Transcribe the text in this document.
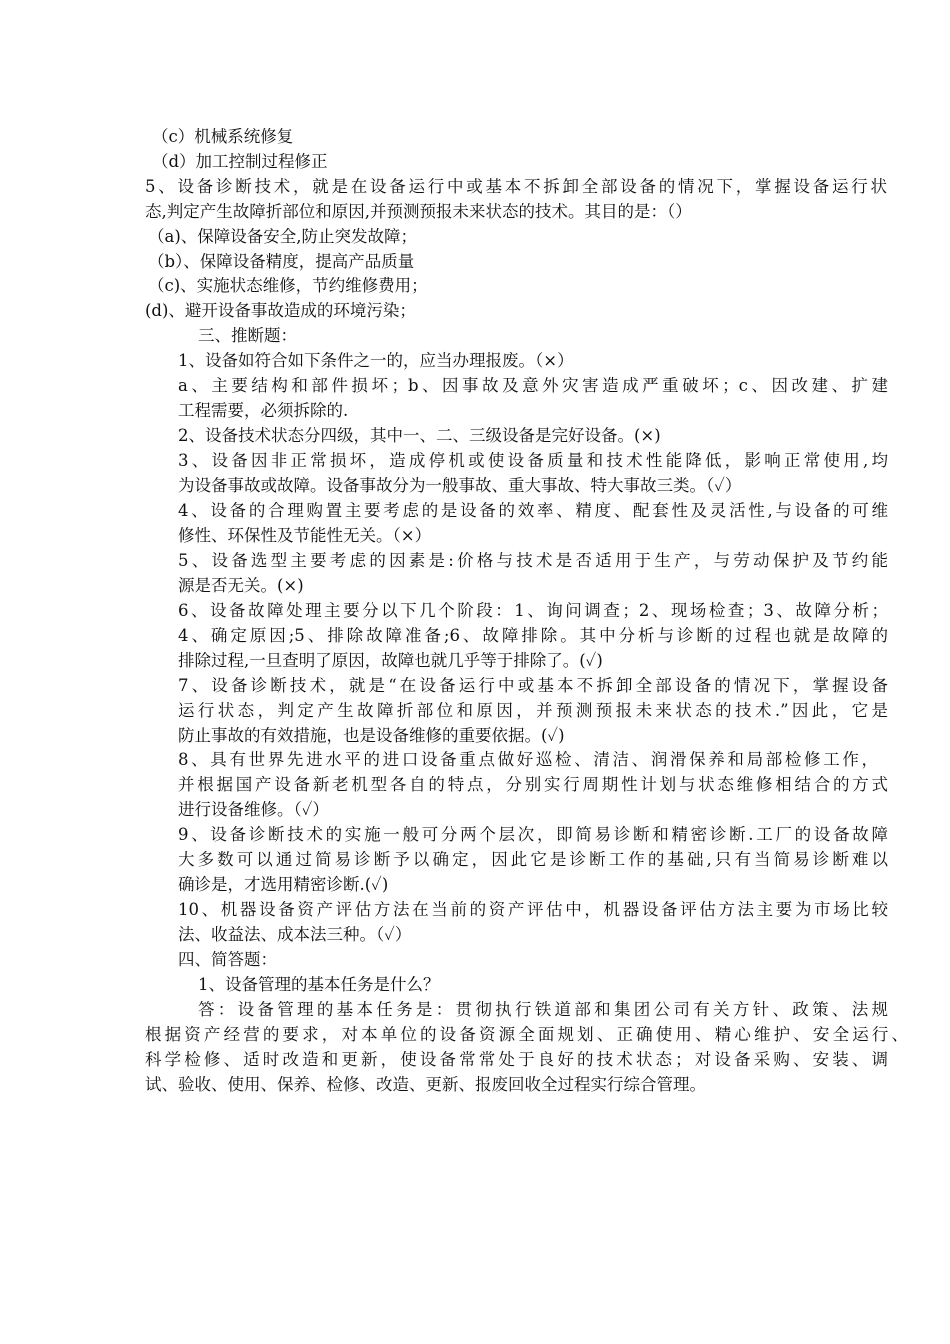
（c）机械系统修复

（d）加工控制过程修正

5、设备诊断技术，就是在设备运行中或基本不拆卸全部设备的情况下，掌握设备运行状

态,判定产生故障折部位和原因,并预测预报未来状态的技术。其目的是：（）

（a)、保障设备安全,防止突发故障；

（b）、保障设备精度，提高产品质量

（c)、实施状态维修，节约维修费用；

(d)、避开设备事故造成的环境污染；

三、推断题：

1、设备如符合如下条件之一的，应当办理报废。（×）

a、主要结构和部件损坏；b、因事故及意外灾害造成严重破坏；c、因改建、扩建

工程需要，必须拆除的.

2、设备技术状态分四级，其中一、二、三级设备是完好设备。(×)

3、设备因非正常损坏，造成停机或使设备质量和技术性能降低，影响正常使用,均

为设备事故或故障。设备事故分为一般事故、重大事故、特大事故三类。（✓）

4、设备的合理购置主要考虑的是设备的效率、精度、配套性及灵活性,与设备的可维

修性、环保性及节能性无关。（×）

5、设备选型主要考虑的因素是:价格与技术是否适用于生产，与劳动保护及节约能

源是否无关。(×)

6、设备故障处理主要分以下几个阶段：1、询问调查；2、现场检查；3、故障分析；

4、确定原因;5、排除故障准备;6、故障排除。其中分析与诊断的过程也就是故障的

排除过程,一旦查明了原因，故障也就几乎等于排除了。(✓)

7、设备诊断技术，就是“在设备运行中或基本不拆卸全部设备的情况下，掌握设备

运行状态，判定产生故障折部位和原因，并预测预报未来状态的技术.”因此，它是

防止事故的有效措施，也是设备维修的重要依据。(✓)

8、具有世界先进水平的进口设备重点做好巡检、清洁、润滑保养和局部检修工作，

并根据国产设备新老机型各自的特点，分别实行周期性计划与状态维修相结合的方式

进行设备维修。（✓）

9、设备诊断技术的实施一般可分两个层次，即简易诊断和精密诊断.工厂的设备故障

大多数可以通过简易诊断予以确定，因此它是诊断工作的基础,只有当简易诊断难以

确诊是，才选用精密诊断.(✓)

10、机器设备资产评估方法在当前的资产评估中，机器设备评估方法主要为市场比较

法、收益法、成本法三种。（✓）

四、简答题：

1、设备管理的基本任务是什么？

答：设备管理的基本任务是：贯彻执行铁道部和集团公司有关方针、政策、法规

根据资产经营的要求，对本单位的设备资源全面规划、正确使用、精心维护、安全运行、

科学检修、适时改造和更新，使设备常常处于良好的技术状态；对设备采购、安装、调

试、验收、使用、保养、检修、改造、更新、报废回收全过程实行综合管理。
